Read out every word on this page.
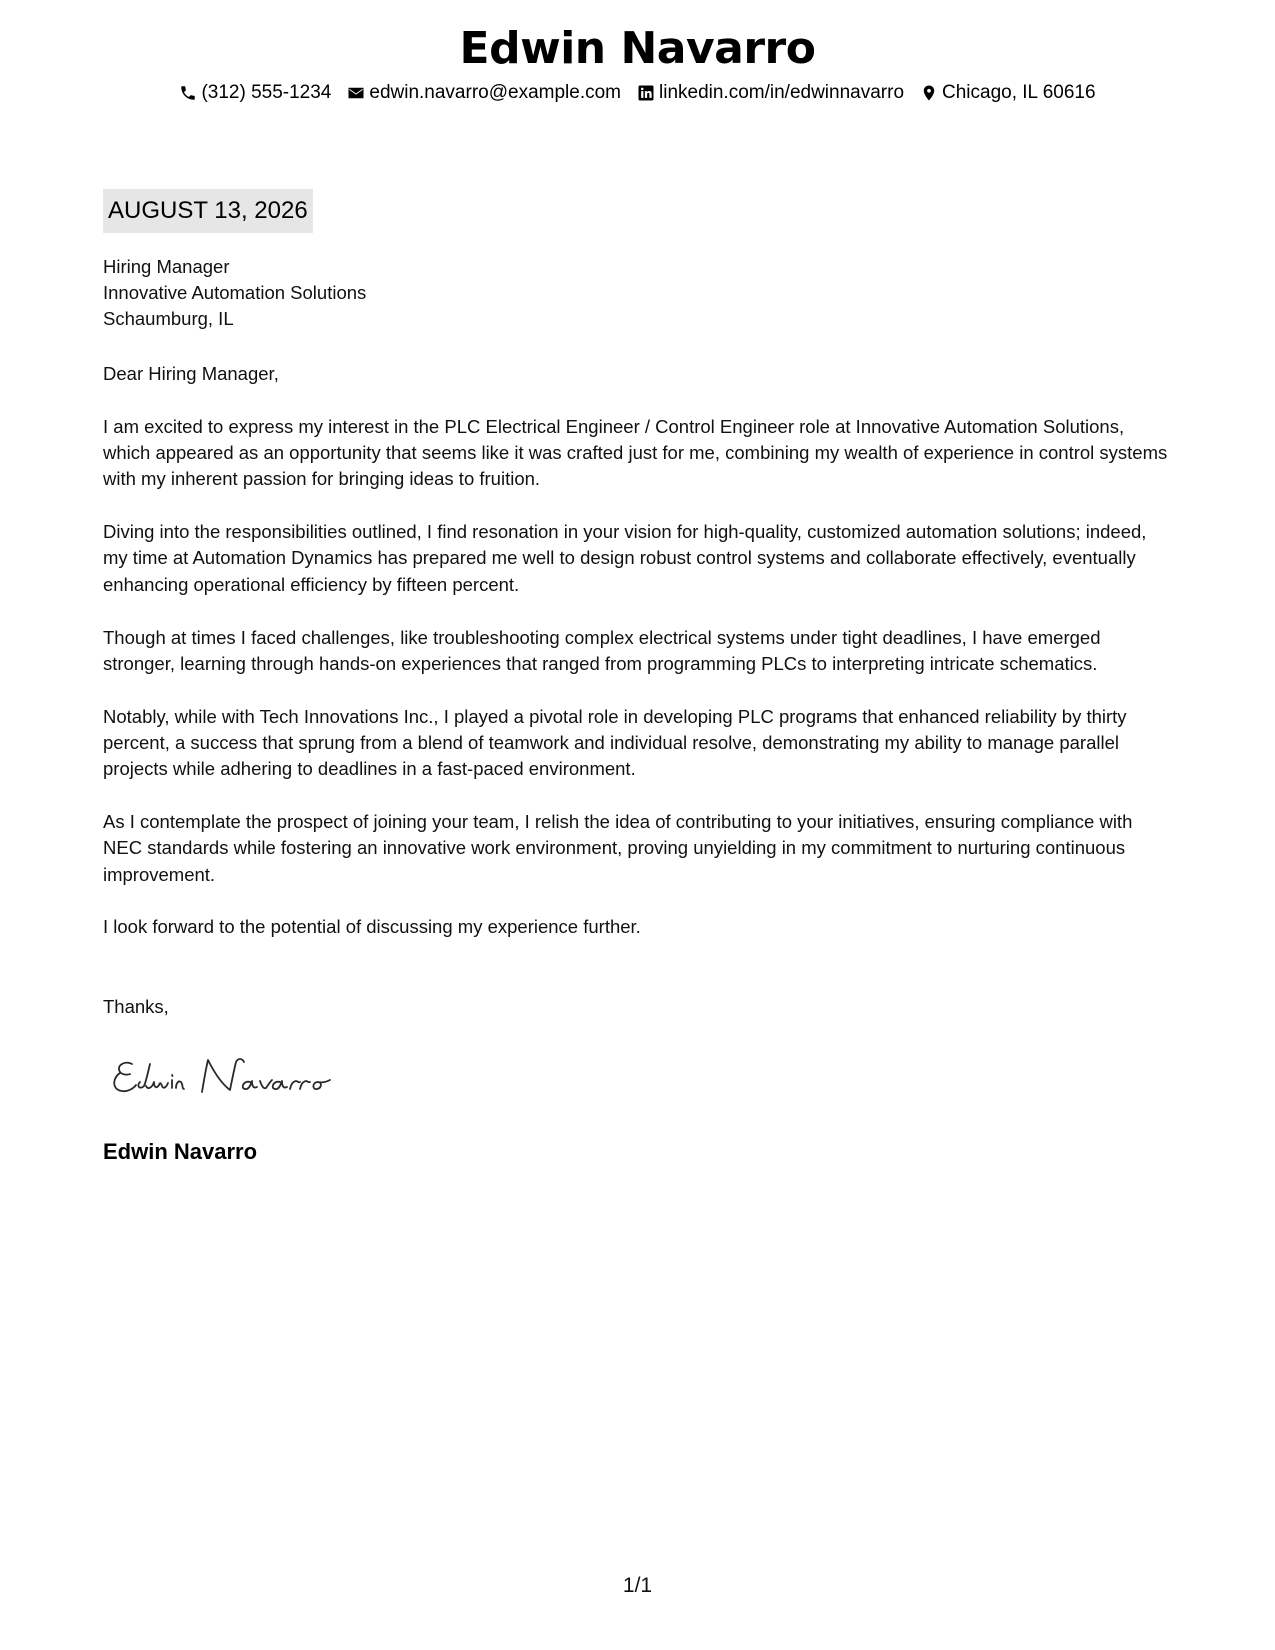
Edwin Navarro
(312) 555-1234 edwin.navarro@example.com linkedin.com/in/edwinnavarro Chicago, IL 60616
AUGUST 13, 2026
Hiring Manager
Innovative Automation Solutions
Schaumburg, IL

Dear Hiring Manager,

I am excited to express my interest in the PLC Electrical Engineer / Control Engineer role at Innovative Automation Solutions, which appeared as an opportunity that seems like it was crafted just for me, combining my wealth of experience in control systems with my inherent passion for bringing ideas to fruition.

Diving into the responsibilities outlined, I find resonation in your vision for high-quality, customized automation solutions; indeed, my time at Automation Dynamics has prepared me well to design robust control systems and collaborate effectively, eventually enhancing operational efficiency by fifteen percent.

Though at times I faced challenges, like troubleshooting complex electrical systems under tight deadlines, I have emerged stronger, learning through hands-on experiences that ranged from programming PLCs to interpreting intricate schematics.

Notably, while with Tech Innovations Inc., I played a pivotal role in developing PLC programs that enhanced reliability by thirty percent, a success that sprung from a blend of teamwork and individual resolve, demonstrating my ability to manage parallel projects while adhering to deadlines in a fast-paced environment.

As I contemplate the prospect of joining your team, I relish the idea of contributing to your initiatives, ensuring compliance with NEC standards while fostering an innovative work environment, proving unyielding in my commitment to nurturing continuous improvement.

I look forward to the potential of discussing my experience further.

Thanks,
Edwin Navarro
1/1
